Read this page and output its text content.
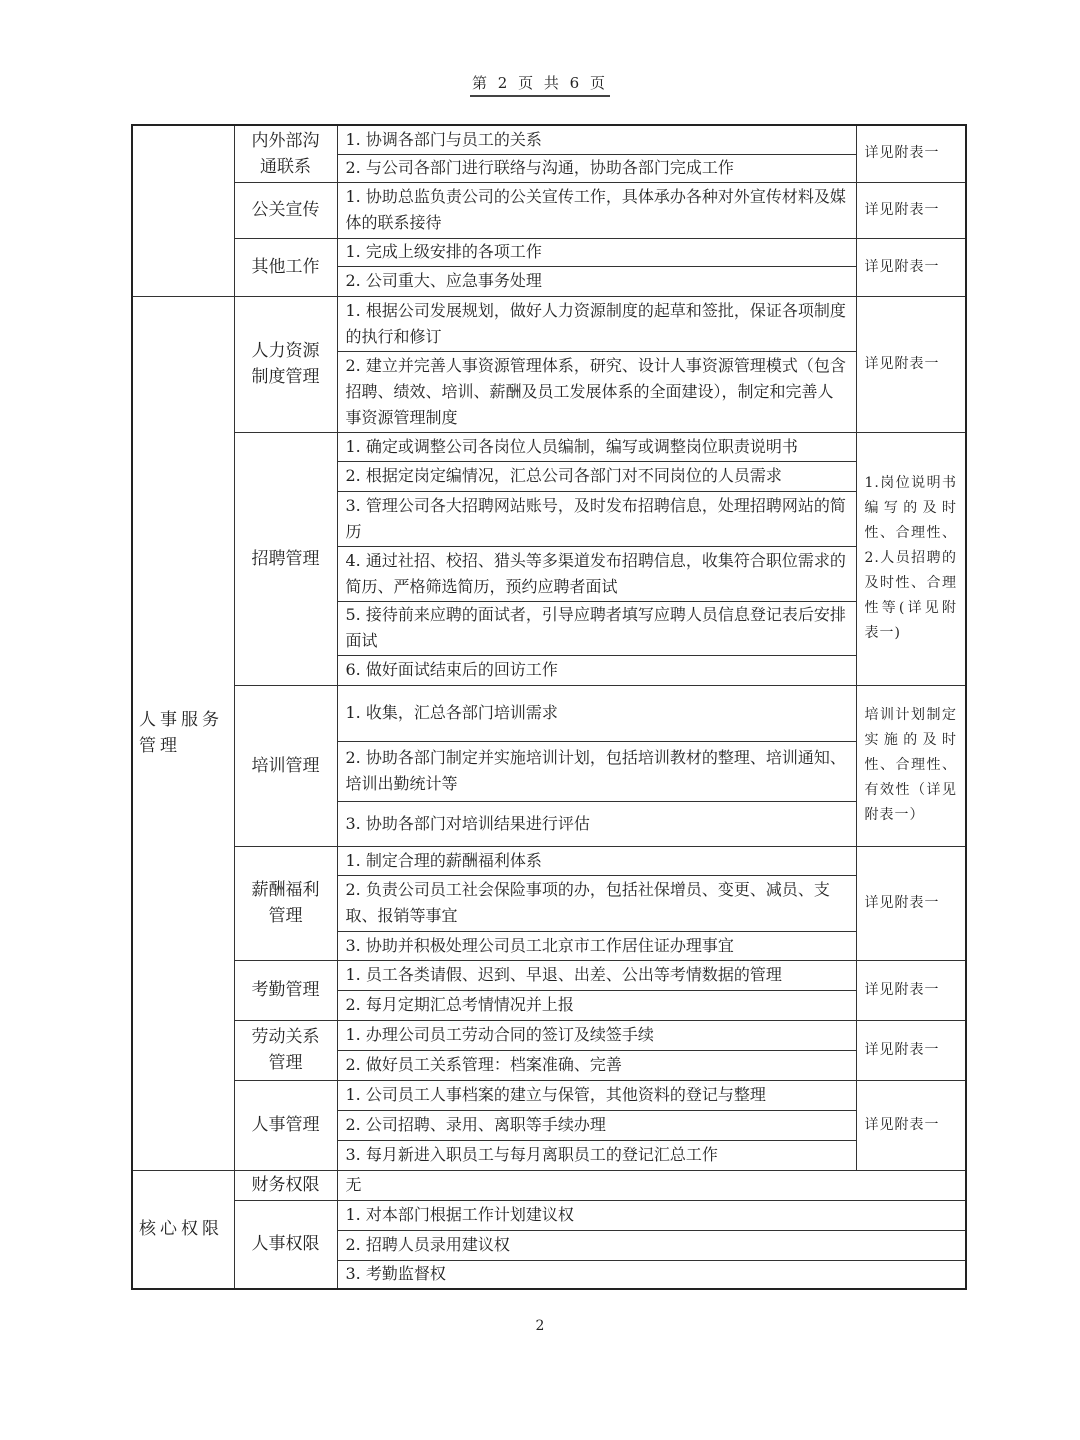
第 2 页 共 6 页
	内外部沟通联系	1. 协调各部门与员工的关系	详见附表一
		2. 与公司各部门进行联络与沟通，协助各部门完成工作	
	公关宣传	1. 协助总监负责公司的公关宣传工作，具体承办各种对外宣传材料及媒体的联系接待	详见附表一
	其他工作	1. 完成上级安排的各项工作	详见附表一
		2. 公司重大、应急事务处理	
人事服务管理	人力资源制度管理	1. 根据公司发展规划，做好人力资源制度的起草和签批，保证各项制度的执行和修订	详见附表一
		2. 建立并完善人事资源管理体系，研究、设计人事资源管理模式（包含招聘、绩效、培训、薪酬及员工发展体系的全面建设），制定和完善人事资源管理制度	
	招聘管理	1. 确定或调整公司各岗位人员编制，编写或调整岗位职责说明书	1.岗位说明书编写的及时性、合理性、2.人员招聘的及时性、合理性等(详见附表一)
		2. 根据定岗定编情况，汇总公司各部门对不同岗位的人员需求	
		3. 管理公司各大招聘网站账号，及时发布招聘信息，处理招聘网站的简历	
		4. 通过社招、校招、猎头等多渠道发布招聘信息，收集符合职位需求的简历、严格筛选简历，预约应聘者面试	
		5. 接待前来应聘的面试者，引导应聘者填写应聘人员信息登记表后安排面试	
		6. 做好面试结束后的回访工作	
	培训管理	1. 收集，汇总各部门培训需求	培训计划制定实施的及时性、合理性、有效性（详见附表一）
		2. 协助各部门制定并实施培训计划，包括培训教材的整理、培训通知、培训出勤统计等	
		3. 协助各部门对培训结果进行评估	
	薪酬福利管理	1. 制定合理的薪酬福利体系	详见附表一
		2. 负责公司员工社会保险事项的办，包括社保增员、变更、减员、支取、报销等事宜	
		3. 协助并积极处理公司员工北京市工作居住证办理事宜	
	考勤管理	1. 员工各类请假、迟到、早退、出差、公出等考情数据的管理	详见附表一
		2. 每月定期汇总考情情况并上报	
	劳动关系管理	1. 办理公司员工劳动合同的签订及续签手续	详见附表一
		2. 做好员工关系管理：档案准确、完善	
	人事管理	1. 公司员工人事档案的建立与保管，其他资料的登记与整理	详见附表一
		2. 公司招聘、录用、离职等手续办理	
		3. 每月新进入职员工与每月离职员工的登记汇总工作	
核心权限	财务权限	无	
	人事权限	1. 对本部门根据工作计划建议权	
		2. 招聘人员录用建议权	
		3. 考勤监督权	
2
